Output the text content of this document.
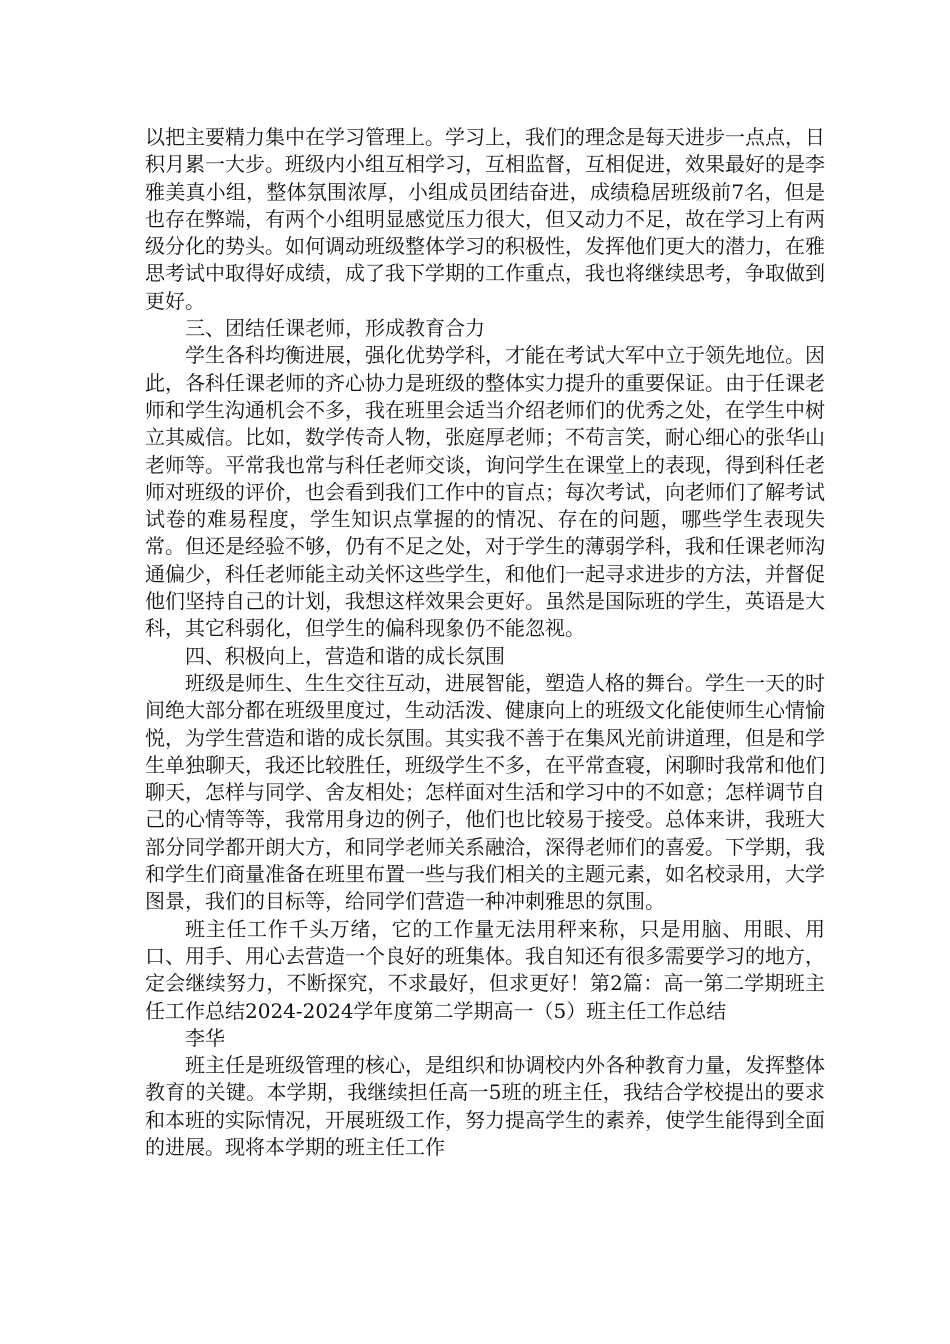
以把主要精力集中在学习管理上。学习上，我们的理念是每天进步一点点，日积月累一大步。班级内小组互相学习，互相监督，互相促进，效果最好的是李雅美真小组，整体氛围浓厚，小组成员团结奋进，成绩稳居班级前7名，但是也存在弊端，有两个小组明显感觉压力很大，但又动力不足，故在学习上有两级分化的势头。如何调动班级整体学习的积极性，发挥他们更大的潜力，在雅思考试中取得好成绩，成了我下学期的工作重点，我也将继续思考，争取做到更好。

三、团结任课老师，形成教育合力

学生各科均衡进展，强化优势学科，才能在考试大军中立于领先地位。因此，各科任课老师的齐心协力是班级的整体实力提升的重要保证。由于任课老师和学生沟通机会不多，我在班里会适当介绍老师们的优秀之处，在学生中树立其威信。比如，数学传奇人物，张庭厚老师；不苟言笑，耐心细心的张华山老师等。平常我也常与科任老师交谈，询问学生在课堂上的表现，得到科任老师对班级的评价，也会看到我们工作中的盲点；每次考试，向老师们了解考试试卷的难易程度，学生知识点掌握的的情况、存在的问题，哪些学生表现失常。但还是经验不够，仍有不足之处，对于学生的薄弱学科，我和任课老师沟通偏少，科任老师能主动关怀这些学生，和他们一起寻求进步的方法，并督促他们坚持自己的计划，我想这样效果会更好。虽然是国际班的学生，英语是大科，其它科弱化，但学生的偏科现象仍不能忽视。

四、积极向上，营造和谐的成长氛围

班级是师生、生生交往互动，进展智能，塑造人格的舞台。学生一天的时间绝大部分都在班级里度过，生动活泼、健康向上的班级文化能使师生心情愉悦，为学生营造和谐的成长氛围。其实我不善于在集风光前讲道理，但是和学生单独聊天，我还比较胜任，班级学生不多，在平常查寝，闲聊时我常和他们聊天，怎样与同学、舍友相处；怎样面对生活和学习中的不如意；怎样调节自己的心情等等，我常用身边的例子，他们也比较易于接受。总体来讲，我班大部分同学都开朗大方，和同学老师关系融洽，深得老师们的喜爱。下学期，我和学生们商量准备在班里布置一些与我们相关的主题元素，如名校录用，大学图景，我们的目标等，给同学们营造一种冲刺雅思的氛围。

班主任工作千头万绪，它的工作量无法用秤来称，只是用脑、用眼、用口、用手、用心去营造一个良好的班集体。我自知还有很多需要学习的地方，定会继续努力，不断探究，不求最好，但求更好！第2篇：高一第二学期班主任工作总结2024-2024学年度第二学期高一（5）班主任工作总结

李华

班主任是班级管理的核心，是组织和协调校内外各种教育力量，发挥整体教育的关键。本学期，我继续担任高一5班的班主任，我结合学校提出的要求和本班的实际情况，开展班级工作，努力提高学生的素养，使学生能得到全面的进展。现将本学期的班主任工作
